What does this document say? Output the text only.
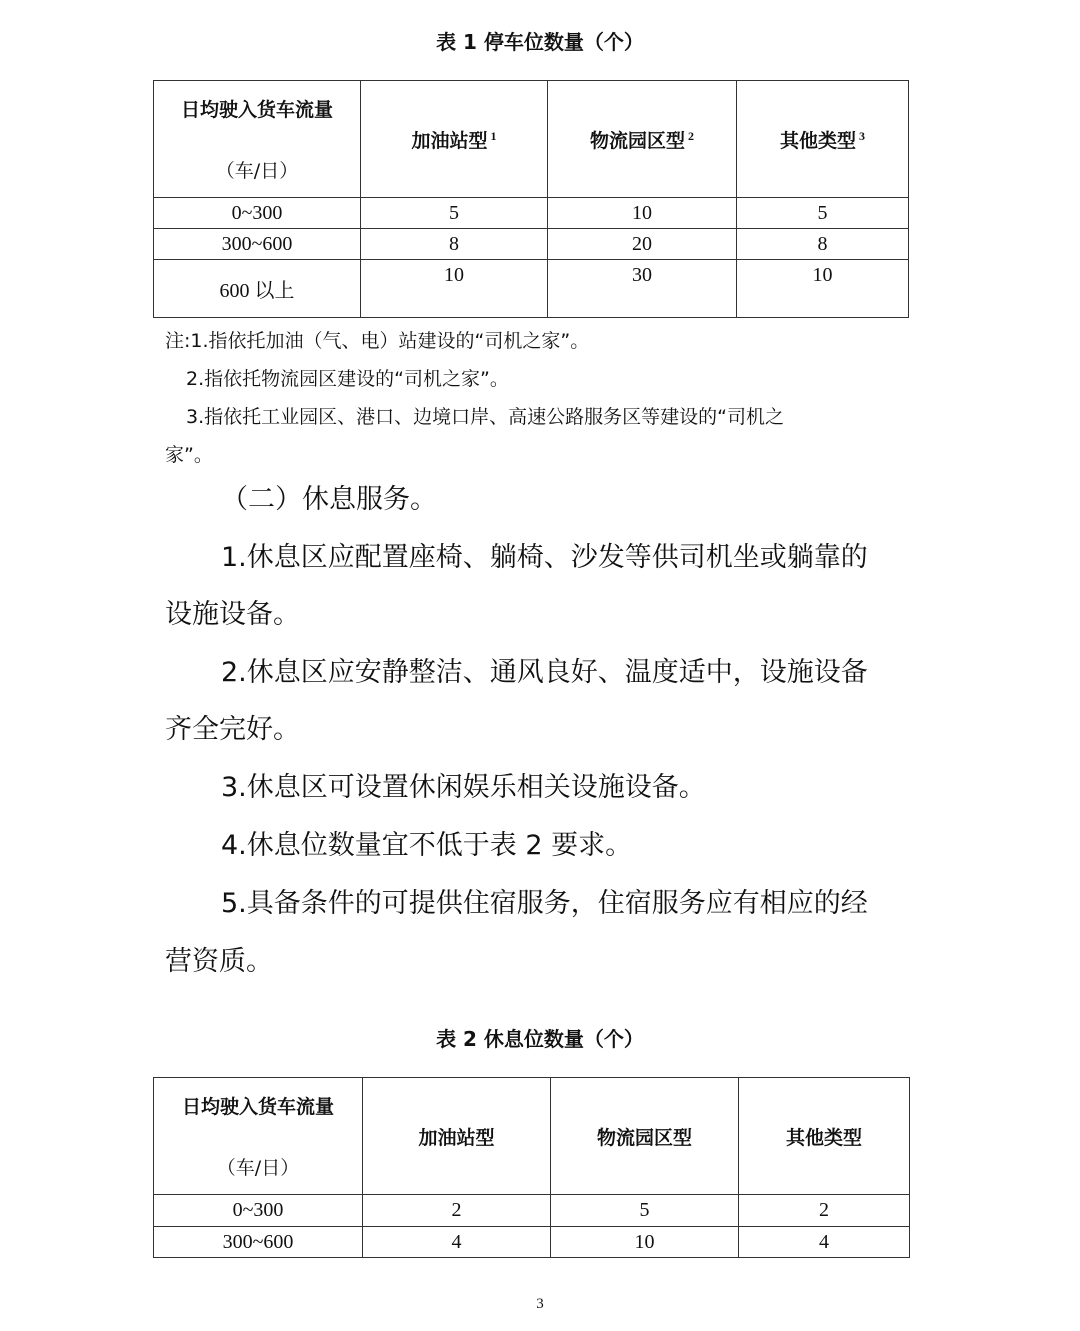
表 1 停车位数量（个）
日均驶入货车流量
（车/日）	加油站型 $^1$	物流园区型 $^2$	其他类型 $^3$
0~300	5	10	5
300~600	8	20	8
600 以上	10	30	10
注:1.指依托加油（气、电）站建设的“司机之家”。
2.指依托物流园区建设的“司机之家”。
3.指依托工业园区、港口、边境口岸、高速公路服务区等建设的“司机之
家”。
（二）休息服务。
1.休息区应配置座椅、躺椅、沙发等供司机坐或躺靠的
设施设备。
2.休息区应安静整洁、通风良好、温度适中，设施设备
齐全完好。
3.休息区可设置休闲娱乐相关设施设备。
4.休息位数量宜不低于表 2 要求。
5.具备条件的可提供住宿服务，住宿服务应有相应的经
营资质。
表 2 休息位数量（个）
日均驶入货车流量
（车/日）	加油站型	物流园区型	其他类型
0~300	2	5	2
300~600	4	10	4
3
